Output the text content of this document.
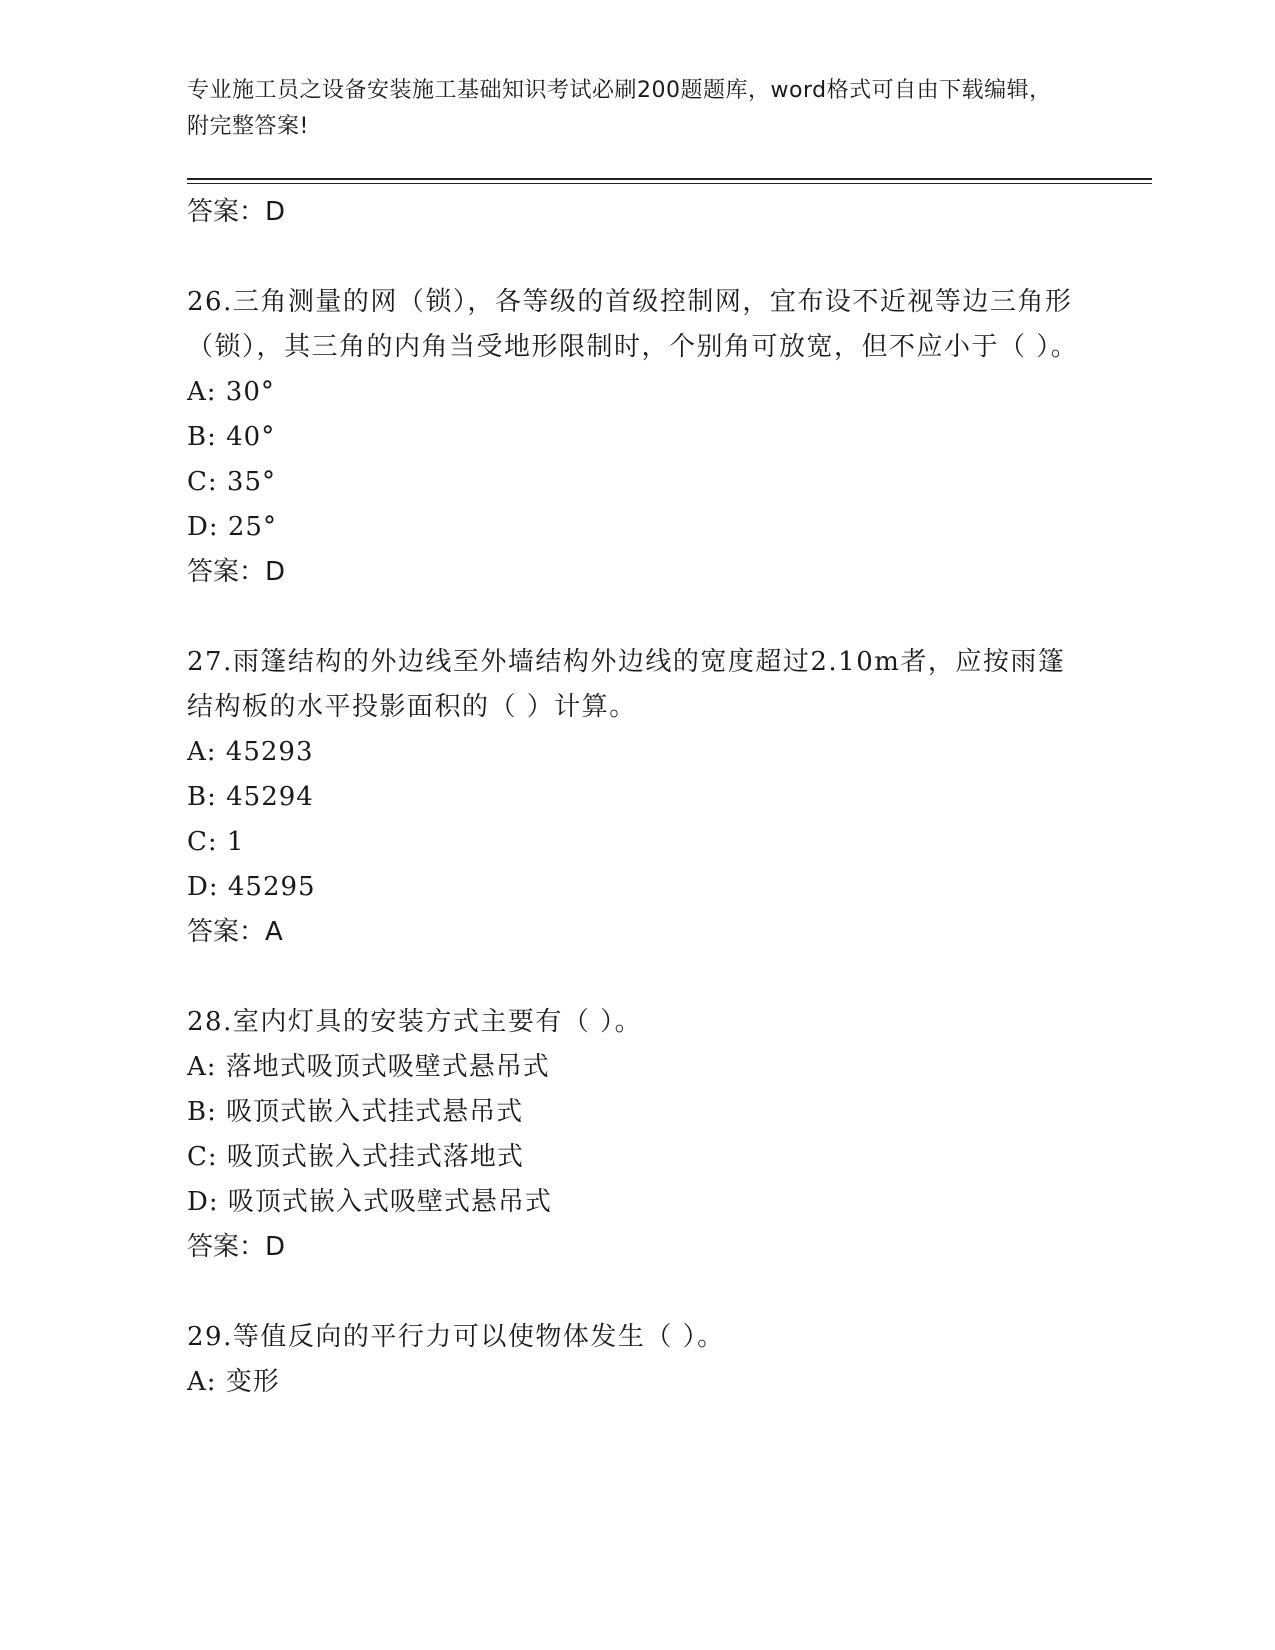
专业施工员之设备安装施工基础知识考试必刷200题题库，word格式可自由下载编辑，附完整答案!
答案：D
26.三角测量的网（锁），各等级的首级控制网，宜布设不近视等边三角形（锁），其三角的内角当受地形限制时，个别角可放宽，但不应小于（ ）。
A: 30°
B: 40°
C: 35°
D: 25°
答案：D
27.雨篷结构的外边线至外墙结构外边线的宽度超过2.10m者，应按雨篷结构板的水平投影面积的（ ）计算。
A: 45293
B: 45294
C: 1
D: 45295
答案：A
28.室内灯具的安装方式主要有（ ）。
A: 落地式吸顶式吸壁式悬吊式
B: 吸顶式嵌入式挂式悬吊式
C: 吸顶式嵌入式挂式落地式
D: 吸顶式嵌入式吸壁式悬吊式
答案：D
29.等值反向的平行力可以使物体发生（ ）。
A: 变形
